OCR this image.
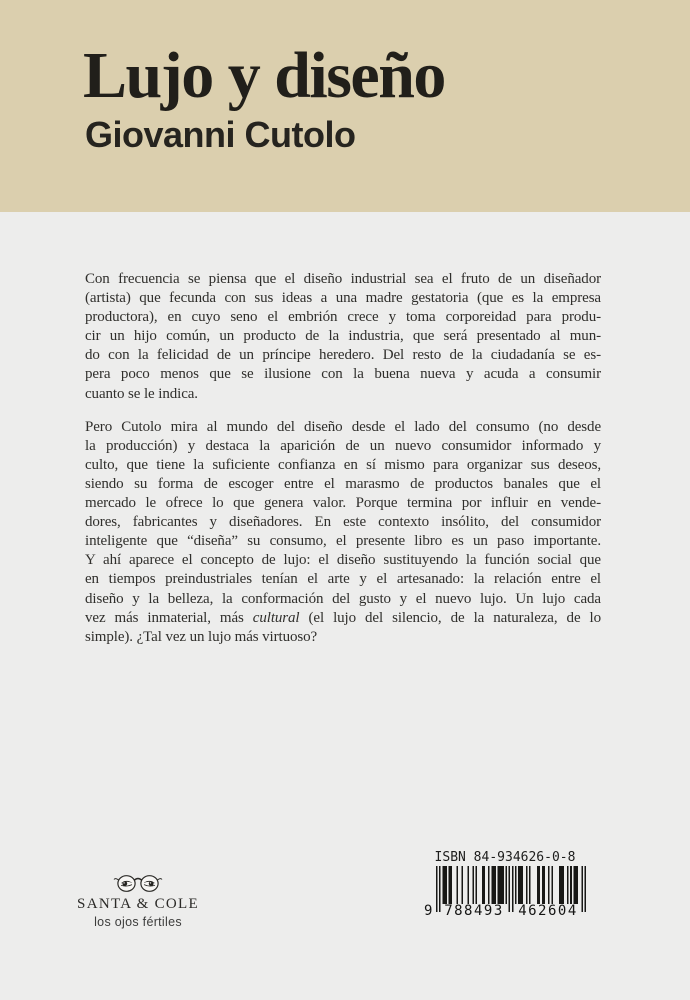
Lujo y diseño
Giovanni Cutolo

Con frecuencia se piensa que el diseño industrial sea el fruto de un diseñador
(artista) que fecunda con sus ideas a una madre gestatoria (que es la empresa
productora), en cuyo seno el embrión crece y toma corporeidad para produ-
cir un hijo común, un producto de la industria, que será presentado al mun-
do con la felicidad de un príncipe heredero. Del resto de la ciudadanía se es-
pera poco menos que se ilusione con la buena nueva y acuda a consumir
cuanto se le indica.

Pero Cutolo mira al mundo del diseño desde el lado del consumo (no desde
la producción) y destaca la aparición de un nuevo consumidor informado y
culto, que tiene la suficiente confianza en sí mismo para organizar sus deseos,
siendo su forma de escoger entre el marasmo de productos banales que el
mercado le ofrece lo que genera valor. Porque termina por influir en vende-
dores, fabricantes y diseñadores. En este contexto insólito, del consumidor
inteligente que “diseña” su consumo, el presente libro es un paso importante.
Y ahí aparece el concepto de lujo: el diseño sustituyendo la función social que
en tiempos preindustriales tenían el arte y el artesanado: la relación entre el
diseño y la belleza, la conformación del gusto y el nuevo lujo. Un lujo cada
vez más inmaterial, más cultural (el lujo del silencio, de la naturaleza, de lo
simple). ¿Tal vez un lujo más virtuoso?

SANTA & COLE
los ojos fértiles
ISBN 84-934626-0-8
9 788493 462604
